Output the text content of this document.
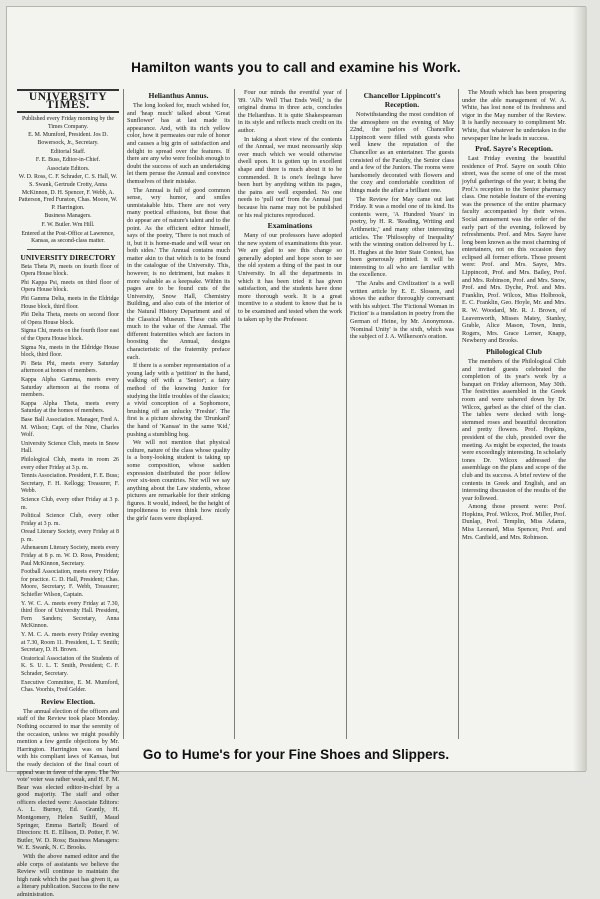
Hamilton wants you to call and examine his Work.
UNIVERSITY TIMES.

Published every Friday morning by the Times Company.

E. M. Mumford, President. Jos D. Bowersock, Jr., Secretary.

Editorial Staff.

F. E. Buss, Editor-in-Chief.

Associate Editors.

W. D. Ross, C. F. Schrader, C. S. Hall, W. S. Swank, Gertrude Crotty, Anna McKinnon, D. H. Spencer, F. Webb, A. Patterson, Fred Funston, Chas. Moore, W. P. Harrington.

Business Managers.

F. W. Butler. Wm Hill.

Entered at the Post-Office at Lawrence, Kansas, as second-class matter.

UNIVERSITY DIRECTORY

Beta Theta Pi, meets on fourth floor of Opera House block.

Phi Kappa Psi, meets on third floor of Opera House block.

Phi Gamma Delta, meets in the Eldridge House block, third floor.

Phi Delta Theta, meets on second floor of Opera House block.

Sigma Chi, meets on the fourth floor east of the Opera House block.

Sigma Nu, meets in the Eldridge House block, third floor.

Pi Beta Phi, meets every Saturday afternoon at homes of members.

Kappa Alpha Gamma, meets every Saturday afternoon at the rooms of members.

Kappa Alpha Theta, meets every Saturday at the homes of members.

Base Ball Association. Manager, Fred A. M. Wilson; Capt. of the Nine, Charles Wolf.

University Science Club, meets in Snow Hall.

Philological Club, meets in room 26 every other Friday at 3 p. m.

Tennis Association. President, F. E. Buss; Secretary, F. H. Kellogg; Treasurer, F. Webb.

Science Club, every other Friday at 3 p. m.

Political Science Club, every other Friday at 3 p. m.

Oread Literary Society, every Friday at 8 p. m.

Athenaeum Literary Society, meets every Friday at 8 p. m. W. D. Ross, President; Paul McKinnon, Secretary.

Football Association, meets every Friday for practice. C. D. Hall, President; Chas. Moore, Secretary; F. Webb, Treasurer; Schiefler Wilson, Captain.

Y. W. C. A. meets every Friday at 7.30, third floor of University Hall. President, Fern Sanders; Secretary, Anna McKinnon.

Y. M. C. A. meets every Friday evening at 7.30, Room 11. President, L. T. Smith; Secretary, D. H. Brown.

Oratorical Association of the Students of K. S. U. L. T. Smith, President; C. F. Schrader, Secretary.

Executive Committee, E. M. Mumford, Chas. Voorhis, Fred Gelder.

Review Election.

The annual election of the officers and staff of the Review took place Monday. Nothing occurred to mar the serenity of the occasion, unless we might possibly mention a few gentle objections by Mr. Harrington. Harrington was on hand with his compliant laws of Kansas, but the ready decision of the final court of appeal was in favor of the ayes. The 'No vote' voter was rather weak, and H. F. M. Bear was elected editor-in-chief by a good majority. The staff and other officers elected were: Associate Editors: A. L. Burney, Ed. Grantly, H. Montgomery, Helen Sutliff, Maud Springer, Emma Bartell; Board of Directors: H. E. Ellison, D. Potter, F. W. Butler, W. D. Ross; Business Managers: W. E. Swank, N. C. Brooks.

With the above named editor and the able corps of assistants we believe the Review will continue to maintain the high rank which the past has given it, as a literary publication. Success to the new administration.

Helianthus Annus.

The long looked for, much wished for, and 'heap much' talked about 'Great Sunflower' has at last made its appearance. And, with its rich yellow color, how it permeates our rule of honor and causes a big grin of satisfaction and delight to spread over the features. If there are any who were foolish enough to doubt the success of such an undertaking let them peruse the Annual and convince themselves of their mistake.

The Annual is full of good common sense, wry humor, and smiles unmistakable hits. There are not very many poetical effusions, but those that do appear are of nature's talent and to the point. As the efficient editor himself, says of the poetry, 'There is not much of it, but it is home-made and will wear on both sides.' The Annual contains much matter akin to that which is to be found in the catalogue of the University. This, however, is no detriment, but makes it more valuable as a keepsake. Within its pages are to be found cuts of the University, Snow Hall, Chemistry Building, and also cuts of the interior of the Natural History Department and of the Classical Museum. These cuts add much to the value of the Annual. The different fraternities which are factors in boosting the Annual, designs characteristic of the fraternity preface each.

If there is a somber representation of a young lady with a 'petition' in the hand, walking off with a 'Senior'; a fairy method of the knowing Junior for studying the little troubles of the classics; a vivid conception of a Sophomore, brushing off an unlucky 'Freshie'. The first is a picture showing the 'Drunkard' the hand of 'Kansas' in the same 'Kid,' pushing a stumbling hog.

We will not mention that physical culture, nature of the class whose quality is a bony-looking student is taking up some composition, whose sadden expression distributed the poor fellow over six-teen countries. Nor will we say anything about the Law students, whose pictures are remarkable for their striking figures. It would, indeed, be the height of impoliteness to even think how nicely the girls' faces were displayed.

Four our minds the eventful year of '89. 'All's Well That Ends Well,' is the original drama in three acts, concludes the Helianthus. It is quite Shakespearean in its style and reflects much credit on its author.

In taking a short view of the contents of the Annual, we must necessarily skip over much which we would otherwise dwell upon. It is gotten up in excellent shape and there is much about it to be commended. It is one's feelings have been hurt by anything within its pages, the pains are well expended. No one needs to 'pull out' from the Annual just because his name may not be published or his real pictures reproduced.

Examinations

Many of our professors have adopted the new system of examinations this year. We are glad to see this change so generally adopted and hope soon to see the old system a thing of the past in our University. In all the departments in which it has been tried it has given satisfaction, and the students have done more thorough work. It is a great incentive to a student to know that he is to be examined and tested when the work is taken up by the Professor.

Chancellor Lippincott's Reception.

Notwithstanding the most condition of the atmosphere on the evening of May 22nd, the parlors of Chancellor Lippincott were filled with guests who well knew the reputation of the Chancellor as an entertainer. The guests consisted of the Faculty, the Senior class and a few of the Juniors. The rooms were handsomely decorated with flowers and the cozy and comfortable condition of things made the affair a brilliant one.

The Review for May came out last Friday. It was a model one of its kind. Its contents were, 'A Hundred Years' in poetry, by H. R. 'Reading, Writing and Arithmetic,' and many other interesting articles. The 'Philosophy of Inequality' with the winning oration delivered by L. H. Hughes at the Inter State Contest, has been generously printed. It will be interesting to all who are familiar with the excellence.

'The Arabs and Civilization' is a well written article by E. E. Slosson, and shows the author thoroughly conversant with his subject. The 'Fictional Woman in Fiction' is a translation in poetry from the German of Heine, by Mr. Anonymous. 'Nominal Unity' is the sixth, which was the subject of J. A. Wilkerson's oration.

The Mouth which has been prospering under the able management of W. A. White, has lost none of its freshness and vigor in the May number of the Review. It is hardly necessary to compliment Mr. White, that whatever he undertakes in the newspaper line he leads in success.

Prof. Sayre's Reception.

Last Friday evening the beautiful residence of Prof. Sayre on south Ohio street, was the scene of one of the most joyful gatherings of the year; it being the Prof.'s reception to the Senior pharmacy class. One notable feature of the evening was the presence of the entire pharmacy faculty accompanied by their wives. Social amusement was the order of the early part of the evening, followed by refreshments. Prof. and Mrs. Sayre have long been known as the most charming of entertainers, not on this occasion they eclipsed all former efforts. Those present were: Prof. and Mrs. Sayre, Mrs. Lippincott, Prof. and Mrs. Bailey, Prof. and Mrs. Robinson, Prof. and Mrs. Snow, Prof. and Mrs. Dyche, Prof. and Mrs. Franklin, Prof. Wilcox, Miss Holbrook, E. C. Franklin, Geo. Hoyle, Mr. and Mrs. R. W. Woodard, Mr. R. J. Brown, of Leavenworth, Misses Matey, Stanley, Grable, Alice Mason, Town, Innis, Rogers, Mrs. Grace Lerner, Knapp, Newberry and Brooks.

Philological Club

The members of the Philological Club and invited guests celebrated the completion of its year's work by a banquet on Friday afternoon, May 30th. The festivities assembled in the Greek room and were ushered down by Dr. Wilcox, garbed as the chief of the clan. The tables were decked with long-stemmed roses and beautiful decoration and pretty flowers. Prof. Hopkins, president of the club, presided over the meeting. As might be expected, the toasts were exceedingly interesting. In scholarly tones Dr. Wilcox addressed the assemblage on the plans and scope of the club and its success. A brief review of the contents in Greek and English, and an interesting discussion of the results of the year followed.

Among those present were: Prof. Hopkins, Prof. Wilcox, Prof. Miller, Prof. Dunlap, Prof. Templin, Miss Adams, Miss Leonard, Miss Spencer, Prof. and Mrs. Canfield, and Mrs. Robinson.

Go to Hume's for your Fine Shoes and Slippers.
